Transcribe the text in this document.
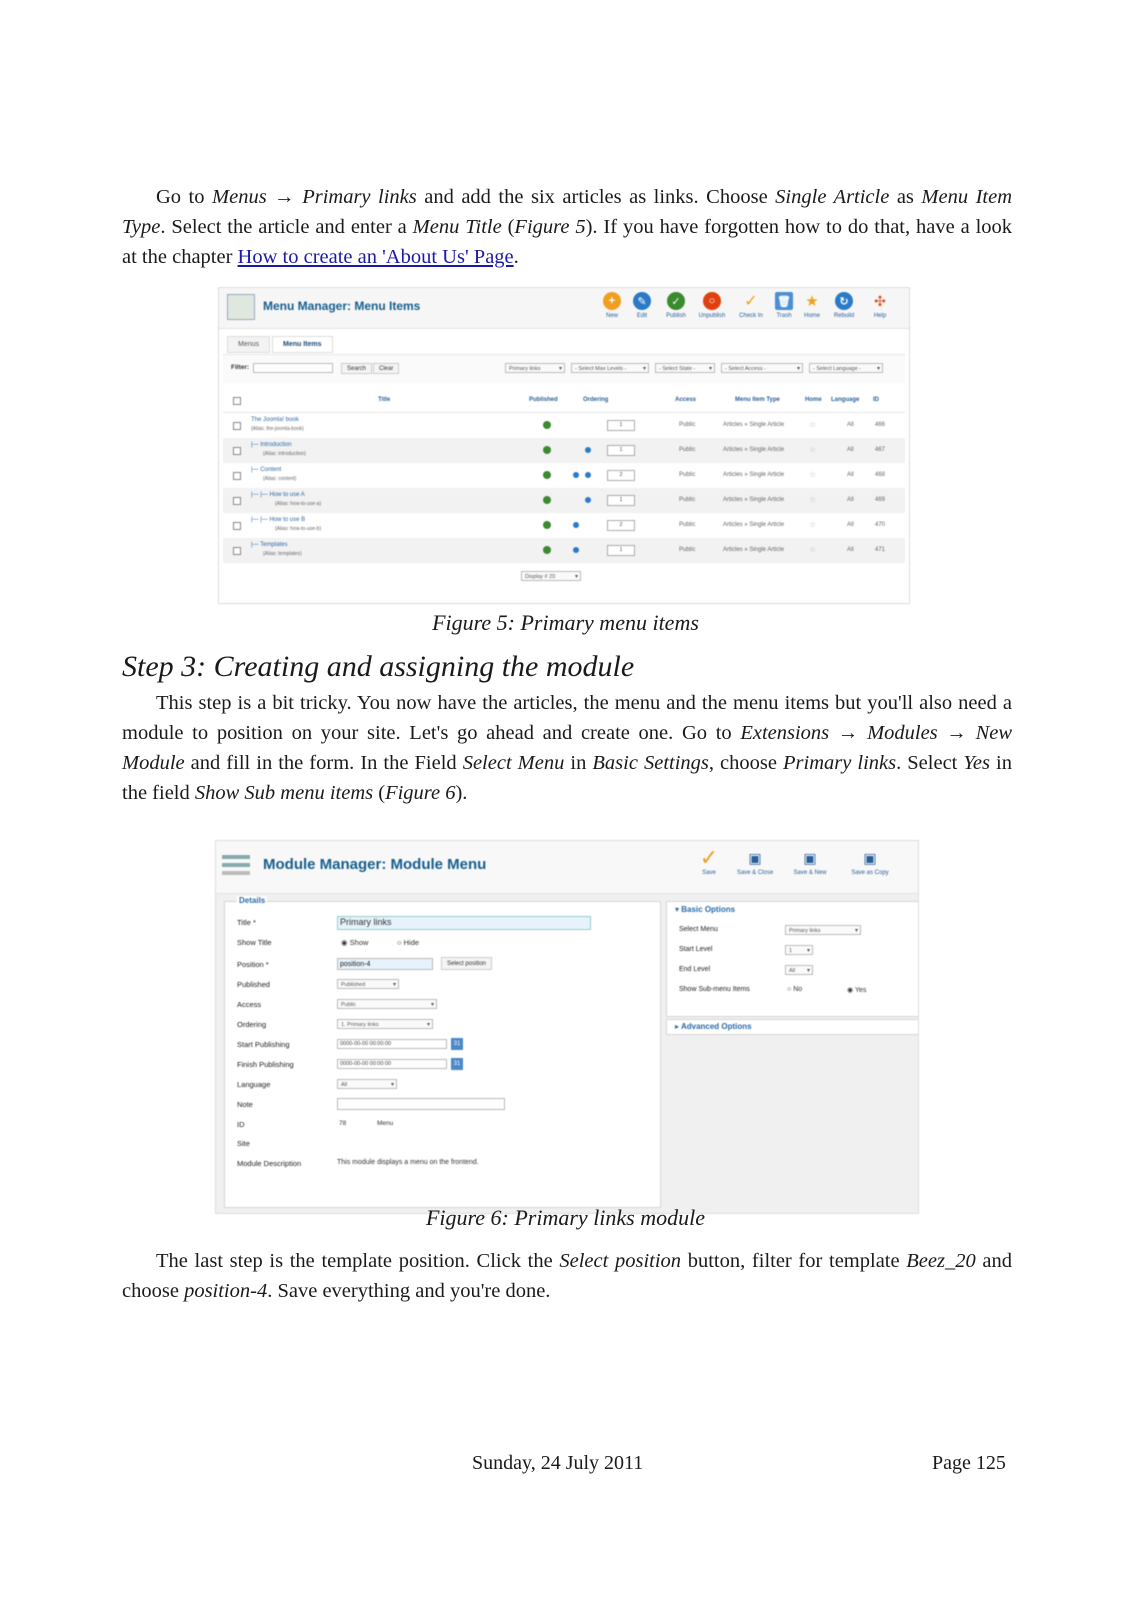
Go to Menus → Primary links and add the six articles as links. Choose Single Article as Menu Item Type. Select the article and enter a Menu Title (Figure 5). If you have forgotten how to do that, have a look at the chapter How to create an 'About Us' Page.
Menu Manager: Menu Items	+
New
✎
Edit
✓
Publish
○
Unpublish
✓
Check In
🗑
Trash
★
Home
↻
Rebuild
✣
Help
Menus	Menu Items
Filter:	Search	Clear	Primary links ▾	- Select Max Levels - ▾	- Select State - ▾	- Select Access - ▾	- Select Language - ▾
Title	Published	Ordering	Access	Menu Item Type	Home Language ID
The Joomla! book
(Alias: the-joomla-book)
1	Public	Articles » Single Article	☆	All	466
|— Introduction
(Alias: introduction)
1	Public	Articles » Single Article	☆	All	467
|— Content
(Alias: content)
2	Public	Articles » Single Article	☆	All	468
|— |— How to use A
(Alias: how-to-use-a)
1	Public	Articles » Single Article	☆	All	469
|— |— How to use B
(Alias: how-to-use-b)
2	Public	Articles » Single Article	☆	All	470
|— Templates
(Alias: templates)
1	Public	Articles » Single Article	☆	All	471
Display # 20 ▾
Figure 5: Primary menu items
Step 3: Creating and assigning the module
This step is a bit tricky. You now have the articles, the menu and the menu items but you'll also need a module to position on your site. Let's go ahead and create one. Go to Extensions → Modules → New Module and fill in the form. In the Field Select Menu in Basic Settings, choose Primary links. Select Yes in the field Show Sub menu items (Figure 6).
Module Manager: Module Menu	✓
Save
▣
Save & Close
▣
Save & New
▣
Save as Copy
Details
Title *	Primary links
Show Title	◉ Show	○ Hide
Position *	position-4	Select position
Published	Published ▾
Access	Public ▾
Ordering	1. Primary links ▾
Start Publishing	0000-00-00 00:00:00	31
Finish Publishing	0000-00-00 00:00:00	31
Language	All ▾
Note
ID	78	Menu
Site
Module Description	This module displays a menu on the frontend.
▾ Basic Options
Select Menu	Primary links ▾
Start Level	1 ▾
End Level	All ▾
Show Sub-menu Items	○ No	◉ Yes
▸ Advanced Options
Figure 6: Primary links module
The last step is the template position. Click the Select position button, filter for template Beez_20 and choose position-4. Save everything and you're done.
Sunday, 24 July 2011	Page 125
